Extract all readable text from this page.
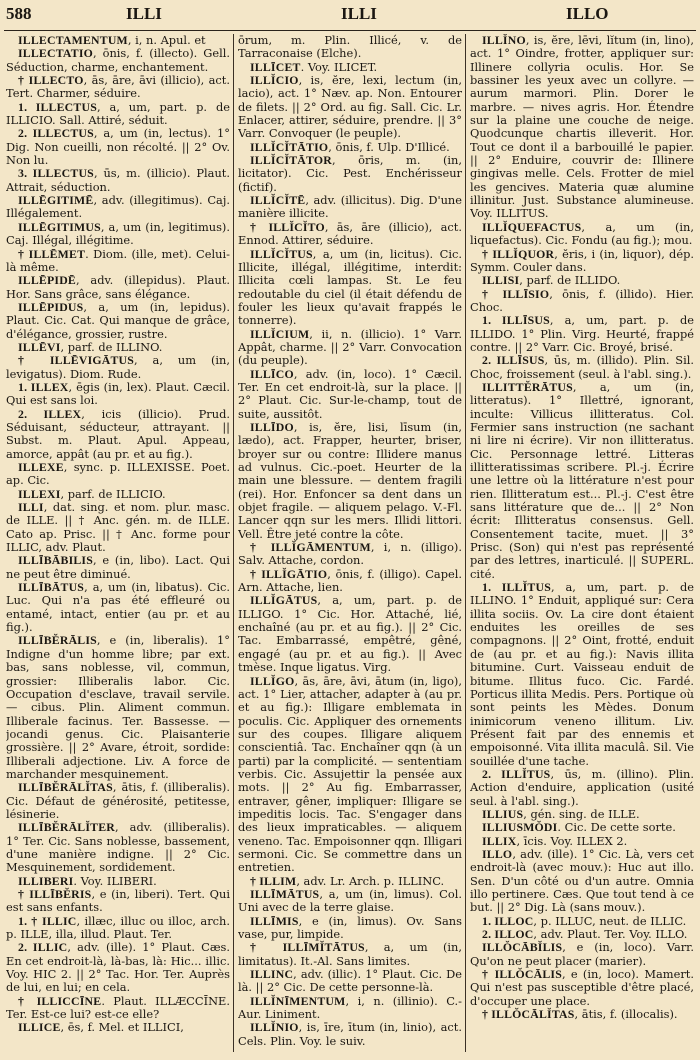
588	ILLI	ILLI	ILLO

ILLECTAMENTUM, i, n. Apul. et

ILLECTATIO, ōnis, f. (illecto). Gell. Séduction, charme, enchantement.

† ILLECTO, ās, āre, āvi (illicio), act. Tert. Charmer, séduire.

1. ILLECTUS, a, um, part. p. de ILLICIO. Sall. Attiré, séduit.

2. ILLECTUS, a, um (in, lectus). 1° Dig. Non cueilli, non récolté. || 2° Ov. Non lu.

3. ILLECTUS, ūs, m. (illicio). Plaut. Attrait, séduction.

ILLĒGITIMĒ, adv. (illegitimus). Caj. Illégalement.

ILLĒGITIMUS, a, um (in, legitimus). Caj. Illégal, illégitime.

† ILLĒMET. Diom. (ille, met). Celui-là même.

ILLĒPIDĒ, adv. (illepidus). Plaut. Hor. Sans grâce, sans élégance.

ILLĒPIDUS, a, um (in, lepidus). Plaut. Cic. Cat. Qui manque de grâce, d'élégance, grossier, rustre.

ILLĒVI, parf. de ILLINO.

† ILLĒVIGĀTUS, a, um (in, levigatus). Diom. Rude.

1. ILLEX, ēgis (in, lex). Plaut. Cæcil. Qui est sans loi.

2. ILLEX, icis (illicio). Prud. Séduisant, séducteur, attrayant. || Subst. m. Plaut. Apul. Appeau, amorce, appât (au pr. et au fig.).

ILLEXE, sync. p. ILLEXISSE. Poet. ap. Cic.

ILLEXI, parf. de ILLICIO.

ILLI, dat. sing. et nom. plur. masc. de ILLE. || † Anc. gén. m. de ILLE. Cato ap. Prisc. || † Anc. forme pour ILLIC, adv. Plaut.

ILLĪBĀBILIS, e (in, libo). Lact. Qui ne peut être diminué.

ILLĪBĀTUS, a, um (in, libatus). Cic. Luc. Qui n'a pas été effleuré ou entamé, intact, entier (au pr. et au fig.).

ILLĪBĔRĀLIS, e (in, liberalis). 1° Indigne d'un homme libre; par ext. bas, sans noblesse, vil, commun, grossier: Illiberalis labor. Cic. Occupation d'esclave, travail servile. — cibus. Plin. Aliment commun. Illiberale facinus. Ter. Bassesse. — jocandi genus. Cic. Plaisanterie grossière. || 2° Avare, étroit, sordide: Illiberali adjectione. Liv. A force de marchander mesquinement.

ILLĪBĔRĀLĬTAS, ātis, f. (illiberalis). Cic. Défaut de générosité, petitesse, lésinerie.

ILLĪBĔRĀLĬTER, adv. (illiberalis). 1° Ter. Cic. Sans noblesse, bassement, d'une manière indigne. || 2° Cic. Mesquinement, sordidement.

ILLIBERI. Voy. ILIBERI.

† ILLĪBĔRIS, e (in, liberi). Tert. Qui est sans enfants.

1. † ILLIC, illæc, illuc ou illoc, arch. p. ILLE, illa, illud. Plaut. Ter.

2. ILLIC, adv. (ille). 1° Plaut. Cæs. En cet endroit-là, là-bas, là: Hic... illic. Voy. HIC 2. || 2° Tac. Hor. Ter. Auprès de lui, en lui; en cela.

† ILLICCĪNE. Plaut. ILLÆCCĪNE. Ter. Est-ce lui? est-ce elle?

ILLICE, ēs, f. Mel. et ILLICI,

ōrum, m. Plin. Illicé, v. de Tarraconaise (Elche).

ILLĪCET. Voy. ILICET.

ILLĬCIO, is, ĕre, lexi, lectum (in, lacio), act. 1° Næv. ap. Non. Entourer de filets. || 2° Ord. au fig. Sall. Cic. Lr. Enlacer, attirer, séduire, prendre. || 3° Varr. Convoquer (le peuple).

ILLĬCĬTĀTIO, ōnis, f. Ulp. D'Illicé.

ILLĬCĬTĀTOR, ōris, m. (in, licitator). Cic. Pest. Enchérisseur (fictif).

ILLĬCĬTĒ, adv. (illicitus). Dig. D'une manière illicite.

† ILLĬCĬTO, ās, āre (illicio), act. Ennod. Attirer, séduire.

ILLĬCĬTUS, a, um (in, licitus). Cic. Illicite, illégal, illégitime, interdit: Illicita cœli lampas. St. Le feu redoutable du ciel (il était défendu de fouler les lieux qu'avait frappés le tonnerre).

ILLĬCIUM, ii, n. (illicio). 1° Varr. Appât, charme. || 2° Varr. Convocation (du peuple).

ILLĪCO, adv. (in, loco). 1° Cæcil. Ter. En cet endroit-là, sur la place. || 2° Plaut. Cic. Sur-le-champ, tout de suite, aussitôt.

ILLĪDO, is, ĕre, lisi, līsum (in, lædo), act. Frapper, heurter, briser, broyer sur ou contre: Illidere manus ad vulnus. Cic.-poet. Heurter de la main une blessure. — dentem fragili (rei). Hor. Enfoncer sa dent dans un objet fragile. — aliquem pelago. V.-Fl. Lancer qqn sur les mers. Illidi littori. Vell. Être jeté contre la côte.

† ILLĬGĀMENTUM, i, n. (illigo). Salv. Attache, cordon.

† ILLĬGĀTIO, ōnis, f. (illigo). Capel. Arn. Attache, lien.

ILLĬGĀTUS, a, um, part. p. de ILLIGO. 1° Cic. Hor. Attaché, lié, enchaîné (au pr. et au fig.). || 2° Cic. Tac. Embarrassé, empêtré, gêné, engagé (au pr. et au fig.). || Avec tmèse. Inque ligatus. Virg.

ILLĬGO, ās, āre, āvi, ātum (in, ligo), act. 1° Lier, attacher, adapter à (au pr. et au fig.): Illigare emblemata in poculis. Cic. Appliquer des ornements sur des coupes. Illigare aliquem conscientiâ. Tac. Enchaîner qqn (à un parti) par la complicité. — sententiam verbis. Cic. Assujettir la pensée aux mots. || 2° Au fig. Embarrasser, entraver, gêner, impliquer: Illigare se impeditis locis. Tac. S'engager dans des lieux impraticables. — aliquem veneno. Tac. Empoisonner qqn. Illigari sermoni. Cic. Se commettre dans un entretien.

† ILLIM, adv. Lr. Arch. p. ILLINC.

ILLĪMĀTUS, a, um (in, limus). Col. Uni avec de la terre glaise.

ILLĪMIS, e (in, limus). Ov. Sans vase, pur, limpide.

† ILLĪMĬTĀTUS, a, um (in, limitatus). It.-Al. Sans limites.

ILLINC, adv. (illic). 1° Plaut. Cic. De là. || 2° Cic. De cette personne-là.

ILLĬNĪMENTUM, i, n. (illinio). C.-Aur. Liniment.

ILLĬNIO, is, īre, ītum (in, linio), act. Cels. Plin. Voy. le suiv.

ILLĬNO, is, ĕre, lēvi, lĭtum (in, lino), act. 1° Oindre, frotter, appliquer sur: Illinere collyria oculis. Hor. Se bassiner les yeux avec un collyre. — aurum marmori. Plin. Dorer le marbre. — nives agris. Hor. Étendre sur la plaine une couche de neige. Quodcunque chartis illeverit. Hor. Tout ce dont il a barbouillé le papier. || 2° Enduire, couvrir de: Illinere gingivas melle. Cels. Frotter de miel les gencives. Materia quæ alumine illinitur. Just. Substance alumineuse. Voy. ILLITUS.

ILLĬQUEFACTUS, a, um (in, liquefactus). Cic. Fondu (au fig.); mou.

† ILLĬQUOR, ĕris, i (in, liquor), dép. Symm. Couler dans.

ILLISI, parf. de ILLIDO.

† ILLĪSIO, ōnis, f. (illido). Hier. Choc.

1. ILLĪSUS, a, um, part. p. de ILLIDO. 1° Plin. Virg. Heurté, frappé contre. || 2° Varr. Cic. Broyé, brisé.

2. ILLĪSUS, ūs, m. (illido). Plin. Sil. Choc, froissement (seul. à l'abl. sing.).

ILLITTĔRĀTUS, a, um (in, litteratus). 1° Illettré, ignorant, inculte: Villicus illitteratus. Col. Fermier sans instruction (ne sachant ni lire ni écrire). Vir non illitteratus. Cic. Personnage lettré. Litteras illitteratissimas scribere. Pl.-j. Écrire une lettre où la littérature n'est pour rien. Illitteratum est... Pl.-j. C'est être sans littérature que de... || 2° Non écrit: Illitteratus consensus. Gell. Consentement tacite, muet. || 3° Prisc. (Son) qui n'est pas représenté par des lettres, inarticulé. || SUPERL. cité.

1. ILLĬTUS, a, um, part. p. de ILLINO. 1° Enduit, appliqué sur: Cera illita sociis. Ov. La cire dont étaient enduites les oreilles de ses compagnons. || 2° Oint, frotté, enduit de (au pr. et au fig.): Navis illita bitumine. Curt. Vaisseau enduit de bitume. Illitus fuco. Cic. Fardé. Porticus illita Medis. Pers. Portique où sont peints les Mèdes. Donum inimicorum veneno illitum. Liv. Présent fait par des ennemis et empoisonné. Vita illita maculâ. Sil. Vie souillée d'une tache.

2. ILLĬTUS, ūs, m. (illino). Plin. Action d'enduire, application (usité seul. à l'abl. sing.).

ILLIUS, gén. sing. de ILLE.

ILLIUSMŎDI. Cic. De cette sorte.

ILLIX, īcis. Voy. ILLEX 2.

ILLO, adv. (ille). 1° Cic. Là, vers cet endroit-là (avec mouv.): Huc aut illo. Sen. D'un côté ou d'un autre. Omnia illo pertinere. Cæs. Que tout tend à ce but. || 2° Dig. Là (sans mouv.).

1. ILLOC, p. ILLUC, neut. de ILLIC.

2. ILLOC, adv. Plaut. Ter. Voy. ILLO.

ILLŎCĀBĬLIS, e (in, loco). Varr. Qu'on ne peut placer (marier).

† ILLŎCĀLIS, e (in, loco). Mamert. Qui n'est pas susceptible d'être placé, d'occuper une place.

† ILLŎCĀLĬTAS, ātis, f. (illocalis).
